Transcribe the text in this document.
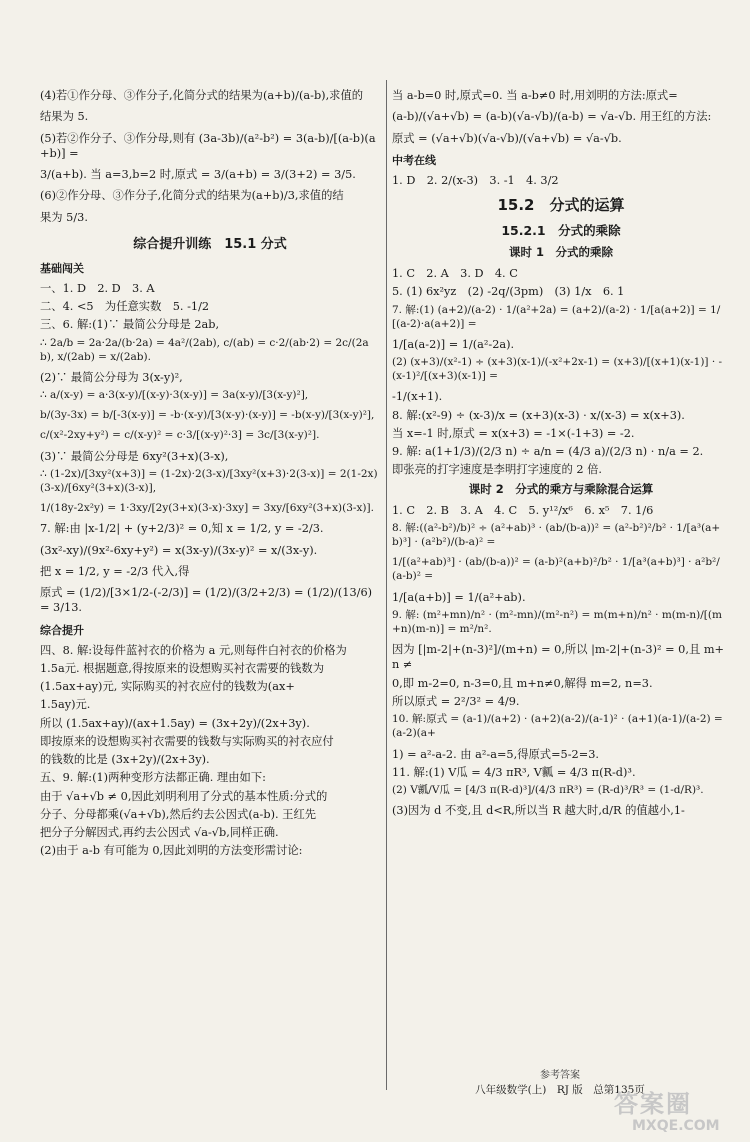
(4)若①作分母、③作分子,化简分式的结果为(a+b)/(a-b),求值的
结果为 5.
(5)若②作分子、③作分母,则有 (3a-3b)/(a²-b²) = 3(a-b)/[(a-b)(a+b)] =
3/(a+b). 当 a=3,b=2 时,原式 = 3/(a+b) = 3/(3+2) = 3/5.
(6)②作分母、③作分子,化简分式的结果为(a+b)/3,求值的结
果为 5/3.
综合提升训练　15.1 分式
基础闯关
一、1. D　2. D　3. A
二、4. <5　为任意实数　5. -1/2
三、6. 解:(1)∵ 最简公分母是 2ab,
∴ 2a/b = 2a·2a/(b·2a) = 4a²/(2ab), c/(ab) = c·2/(ab·2) = 2c/(2ab), x/(2ab) = x/(2ab).
(2)∵ 最简公分母为 3(x-y)²,
∴ a/(x-y) = a·3(x-y)/[(x-y)·3(x-y)] = 3a(x-y)/[3(x-y)²],
b/(3y-3x) = b/[-3(x-y)] = -b·(x-y)/[3(x-y)·(x-y)] = -b(x-y)/[3(x-y)²],
c/(x²-2xy+y²) = c/(x-y)² = c·3/[(x-y)²·3] = 3c/[3(x-y)²].
(3)∵ 最简公分母是 6xy²(3+x)(3-x),
∴ (1-2x)/[3xy²(x+3)] = (1-2x)·2(3-x)/[3xy²(x+3)·2(3-x)] = 2(1-2x)(3-x)/[6xy²(3+x)(3-x)],
1/(18y-2x²y) = 1·3xy/[2y(3+x)(3-x)·3xy] = 3xy/[6xy²(3+x)(3-x)].
7. 解:由 |x-1/2| + (y+2/3)² = 0,知 x = 1/2, y = -2/3.
(3x²-xy)/(9x²-6xy+y²) = x(3x-y)/(3x-y)² = x/(3x-y).
把 x = 1/2, y = -2/3 代入,得
原式 = (1/2)/[3×1/2-(-2/3)] = (1/2)/(3/2+2/3) = (1/2)/(13/6) = 3/13.
综合提升
四、8. 解:设每件蓝衬衣的价格为 a 元,则每件白衬衣的价格为
1.5a元. 根据题意,得按原来的设想购买衬衣需要的钱数为
(1.5ax+ay)元, 实际购买的衬衣应付的钱数为(ax+
1.5ay)元.
所以 (1.5ax+ay)/(ax+1.5ay) = (3x+2y)/(2x+3y).
即按原来的设想购买衬衣需要的钱数与实际购买的衬衣应付
的钱数的比是 (3x+2y)/(2x+3y).
五、9. 解:(1)两种变形方法都正确. 理由如下:
由于 √a+√b ≠ 0,因此刘明利用了分式的基本性质:分式的
分子、分母都乘(√a+√b),然后约去公因式(a-b). 王红先
把分子分解因式,再约去公因式 √a-√b,同样正确.
(2)由于 a-b 有可能为 0,因此刘明的方法变形需讨论:
当 a-b=0 时,原式=0. 当 a-b≠0 时,用刘明的方法:原式=
(a-b)/(√a+√b) = (a-b)(√a-√b)/(a-b) = √a-√b. 用王红的方法:
原式 = (√a+√b)(√a-√b)/(√a+√b) = √a-√b.
中考在线
1. D　2. 2/(x-3)　3. -1　4. 3/2
15.2　分式的运算
15.2.1　分式的乘除
课时 1　分式的乘除
1. C　2. A　3. D　4. C
5. (1) 6x²yz　(2) -2q/(3pm)　(3) 1/x　6. 1
7. 解:(1) (a+2)/(a-2) · 1/(a²+2a) = (a+2)/(a-2) · 1/[a(a+2)] = 1/[(a-2)·a(a+2)] =
1/[a(a-2)] = 1/(a²-2a).
(2) (x+3)/(x²-1) ÷ (x+3)(x-1)/(-x²+2x-1) = (x+3)/[(x+1)(x-1)] · -(x-1)²/[(x+3)(x-1)] =
-1/(x+1).
8. 解:(x²-9) ÷ (x-3)/x = (x+3)(x-3) · x/(x-3) = x(x+3).
当 x=-1 时,原式 = x(x+3) = -1×(-1+3) = -2.
9. 解: a(1+1/3)/(2/3 n) ÷ a/n = (4/3 a)/(2/3 n) · n/a = 2.
即张亮的打字速度是李明打字速度的 2 倍.
课时 2　分式的乘方与乘除混合运算
1. C　2. B　3. A　4. C　5. y¹²/x⁶　6. x⁵　7. 1/6
8. 解:((a²-b²)/b)² ÷ (a²+ab)³ · (ab/(b-a))² = (a²-b²)²/b² · 1/[a³(a+b)³] · (a²b²)/(b-a)² =
1/[(a²+ab)³] · (ab/(b-a))² = (a-b)²(a+b)²/b² · 1/[a³(a+b)³] · a²b²/(a-b)² =
1/[a(a+b)] = 1/(a²+ab).
9. 解: (m²+mn)/n² · (m²-mn)/(m²-n²) = m(m+n)/n² · m(m-n)/[(m+n)(m-n)] = m²/n².
因为 [|m-2|+(n-3)²]/(m+n) = 0,所以 |m-2|+(n-3)² = 0,且 m+n ≠
0,即 m-2=0, n-3=0,且 m+n≠0,解得 m=2, n=3.
所以原式 = 2²/3² = 4/9.
10. 解:原式 = (a-1)/(a+2) · (a+2)(a-2)/(a-1)² · (a+1)(a-1)/(a-2) = (a-2)(a+
1) = a²-a-2. 由 a²-a=5,得原式=5-2=3.
11. 解:(1) V瓜 = 4/3 πR³, V瓤 = 4/3 π(R-d)³.
(2) V瓤/V瓜 = [4/3 π(R-d)³]/(4/3 πR³) = (R-d)³/R³ = (1-d/R)³.
(3)因为 d 不变,且 d<R,所以当 R 越大时,d/R 的值越小,1-
参考答案
八年级数学(上)　RJ 版　总第135页
答案圈
MXQE.COM
